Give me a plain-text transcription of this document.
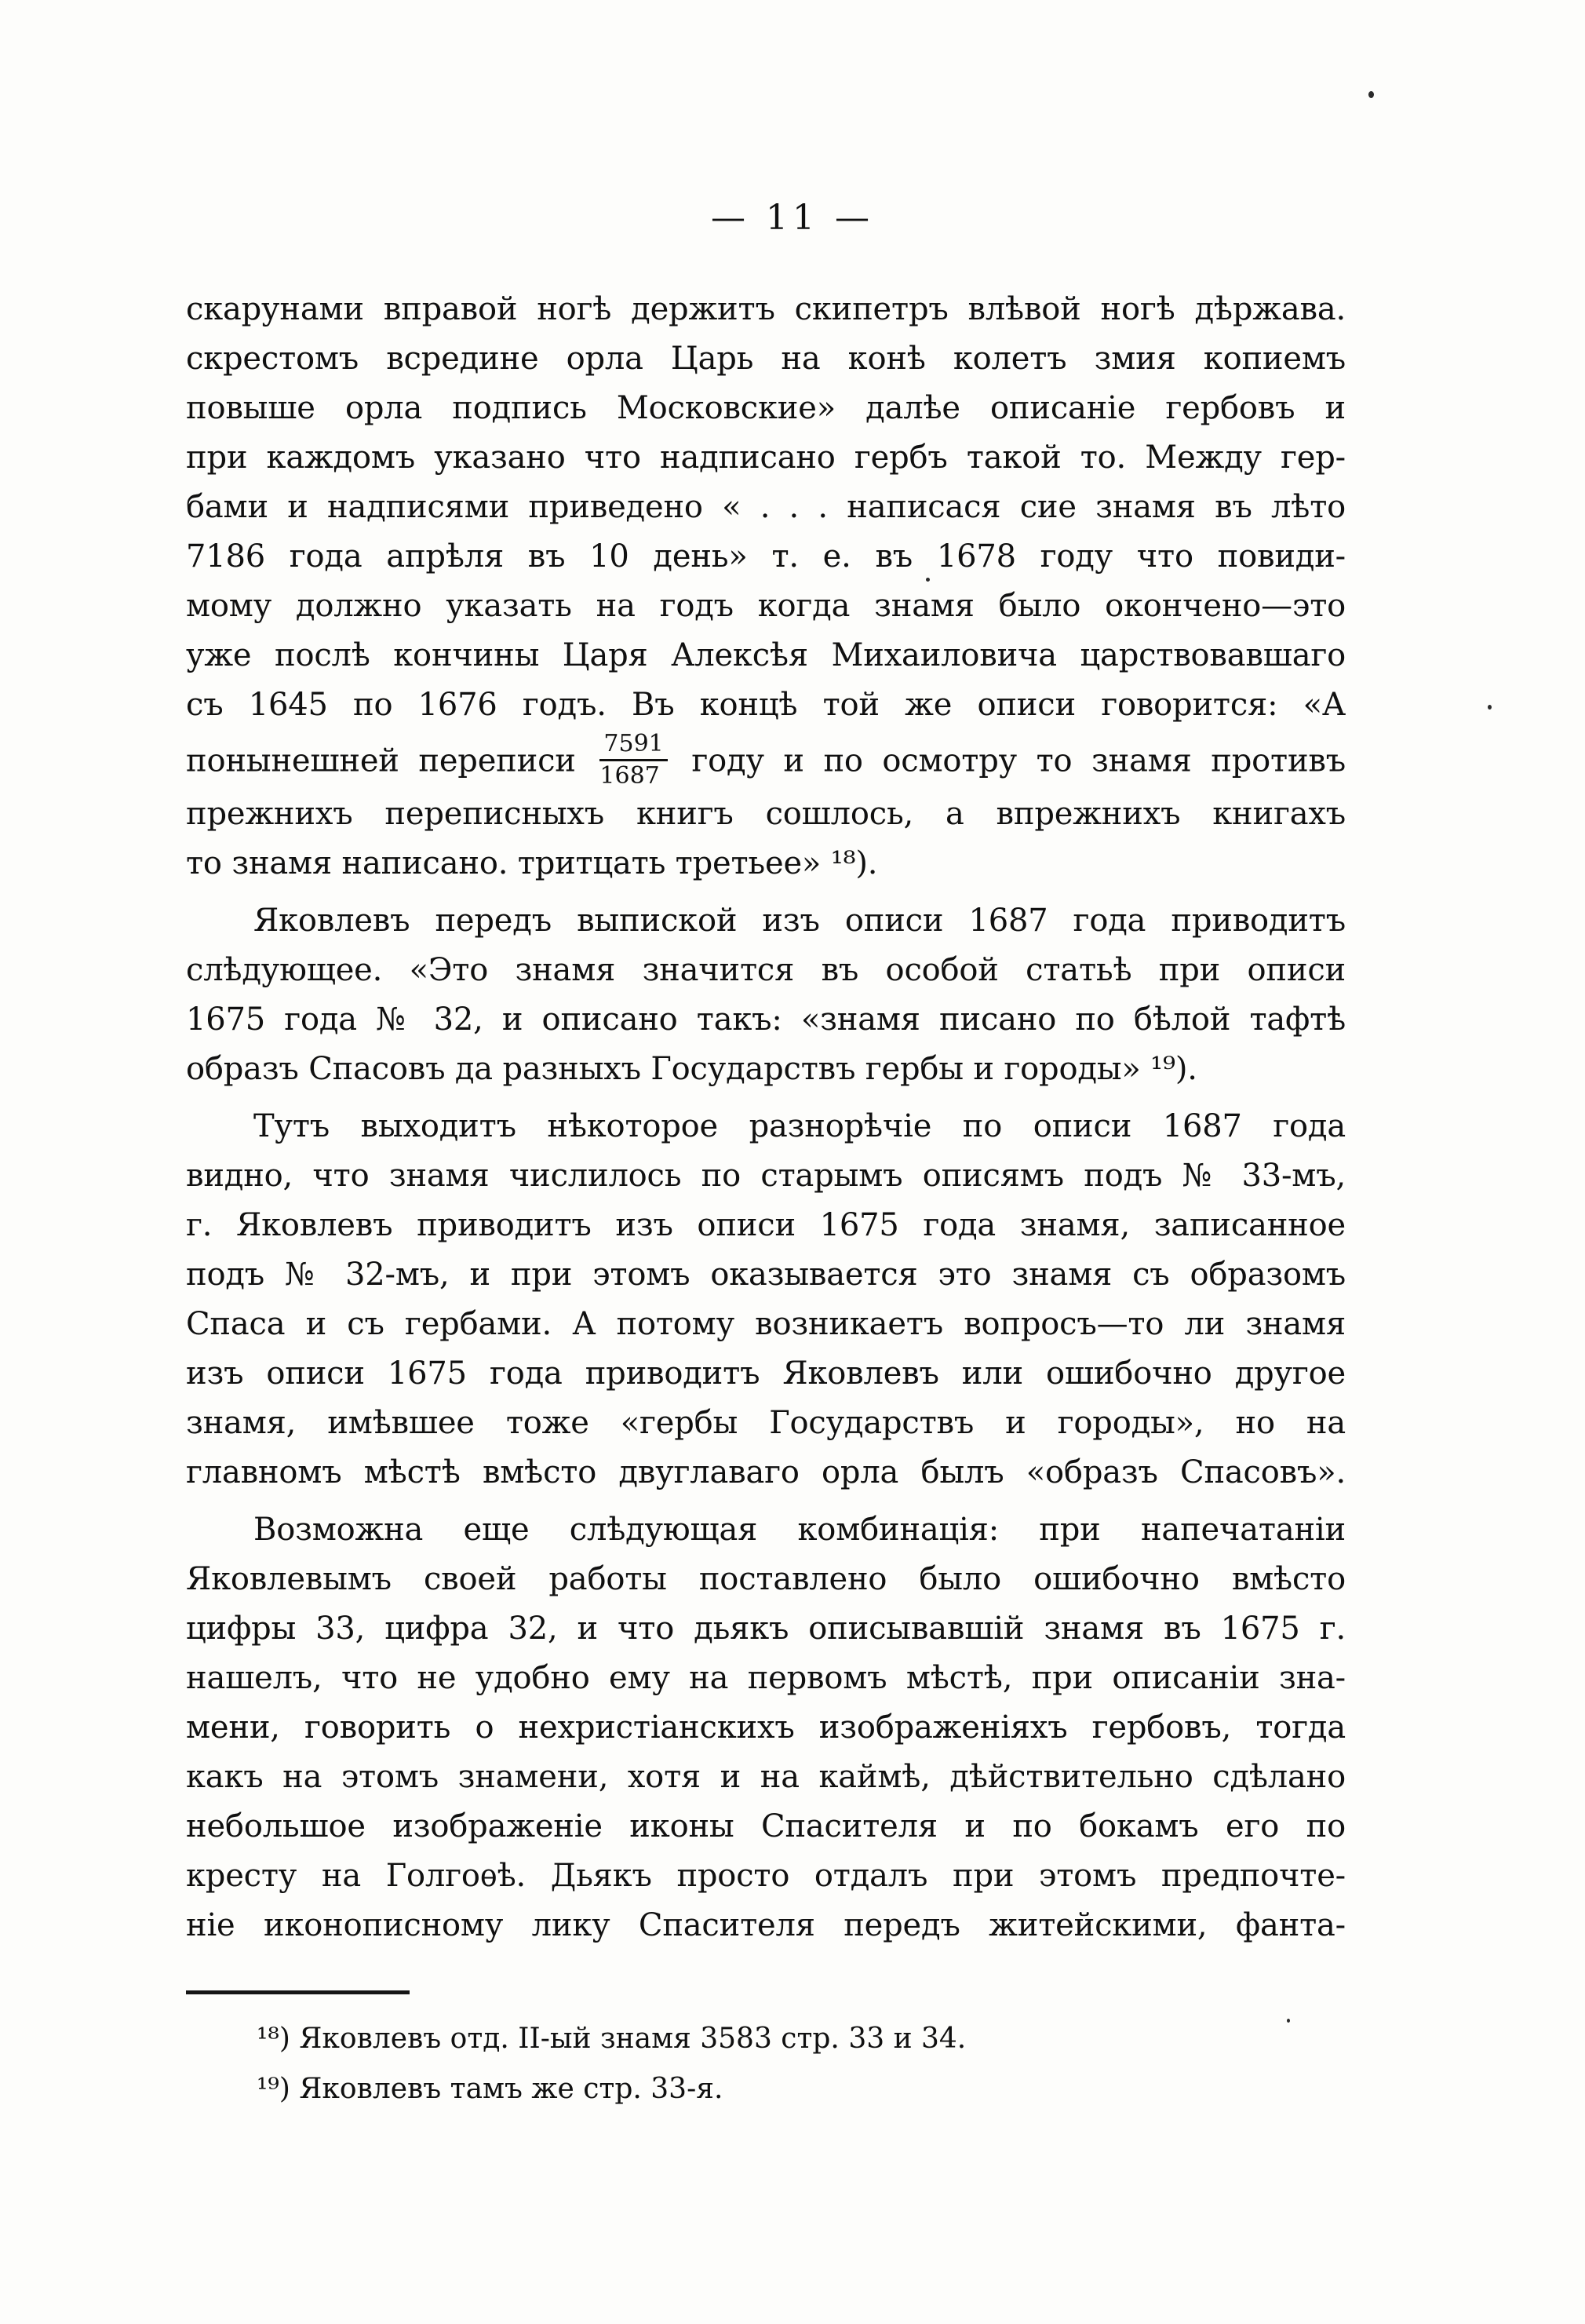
— 11 —
скарунами вправой ногѣ держитъ скипетръ влѣвой ногѣ дѣржава.
скрестомъ всредине орла Царь на конѣ колетъ змия копиемъ
повыше орла подпись Московские» далѣе описаніе гербовъ и
при каждомъ указано что надписано гербъ такой то. Между гер-
бами и надписями приведено « . . . написася сие знамя въ лѣто
7186 года апрѣля въ 10 день» т. е. въ 1678 году что повиди-
мому должно указать на годъ когда знамя было окончено—это
уже послѣ кончины Царя Алексѣя Михаиловича царствовавшаго
съ 1645 по 1676 годъ. Въ концѣ той же описи говорится: «А
понынешней переписи $\frac{7591}{1687}$ году и по осмотру то знамя противъ
прежнихъ переписныхъ книгъ сошлось, а впрежнихъ книгахъ
то знамя написано. тритцать третьее» ¹⁸).
Яковлевъ передъ выпиской изъ описи 1687 года приводитъ
слѣдующее. «Это знамя значится въ особой статьѣ при описи
1675 года № 32, и описано такъ: «знамя писано по бѣлой тафтѣ
образъ Спасовъ да разныхъ Государствъ гербы и городы» ¹⁹).
Тутъ выходитъ нѣкоторое разнорѣчіе по описи 1687 года
видно, что знамя числилось по старымъ описямъ подъ № 33-мъ,
г. Яковлевъ приводитъ изъ описи 1675 года знамя, записанное
подъ № 32-мъ, и при этомъ оказывается это знамя съ образомъ
Спаса и съ гербами. А потому возникаетъ вопросъ—то ли знамя
изъ описи 1675 года приводитъ Яковлевъ или ошибочно другое
знамя, имѣвшее тоже «гербы Государствъ и городы», но на
главномъ мѣстѣ вмѣсто двуглаваго орла былъ «образъ Спасовъ».
Возможна еще слѣдующая комбинація: при напечатаніи
Яковлевымъ своей работы поставлено было ошибочно вмѣсто
цифры 33, цифра 32, и что дьякъ описывавшій знамя въ 1675 г.
нашелъ, что не удобно ему на первомъ мѣстѣ, при описаніи зна-
мени, говорить о нехристіанскихъ изображеніяхъ гербовъ, тогда
какъ на этомъ знамени, хотя и на каймѣ, дѣйствительно сдѣлано
небольшое изображеніе иконы Спасителя и по бокамъ его по
кресту на Голгоѳѣ. Дьякъ просто отдалъ при этомъ предпочте-
ніе иконописному лику Спасителя передъ житейскими, фанта-
¹⁸) Яковлевъ отд. II-ый знамя 3583 стр. 33 и 34.
¹⁹) Яковлевъ тамъ же стр. 33-я.
